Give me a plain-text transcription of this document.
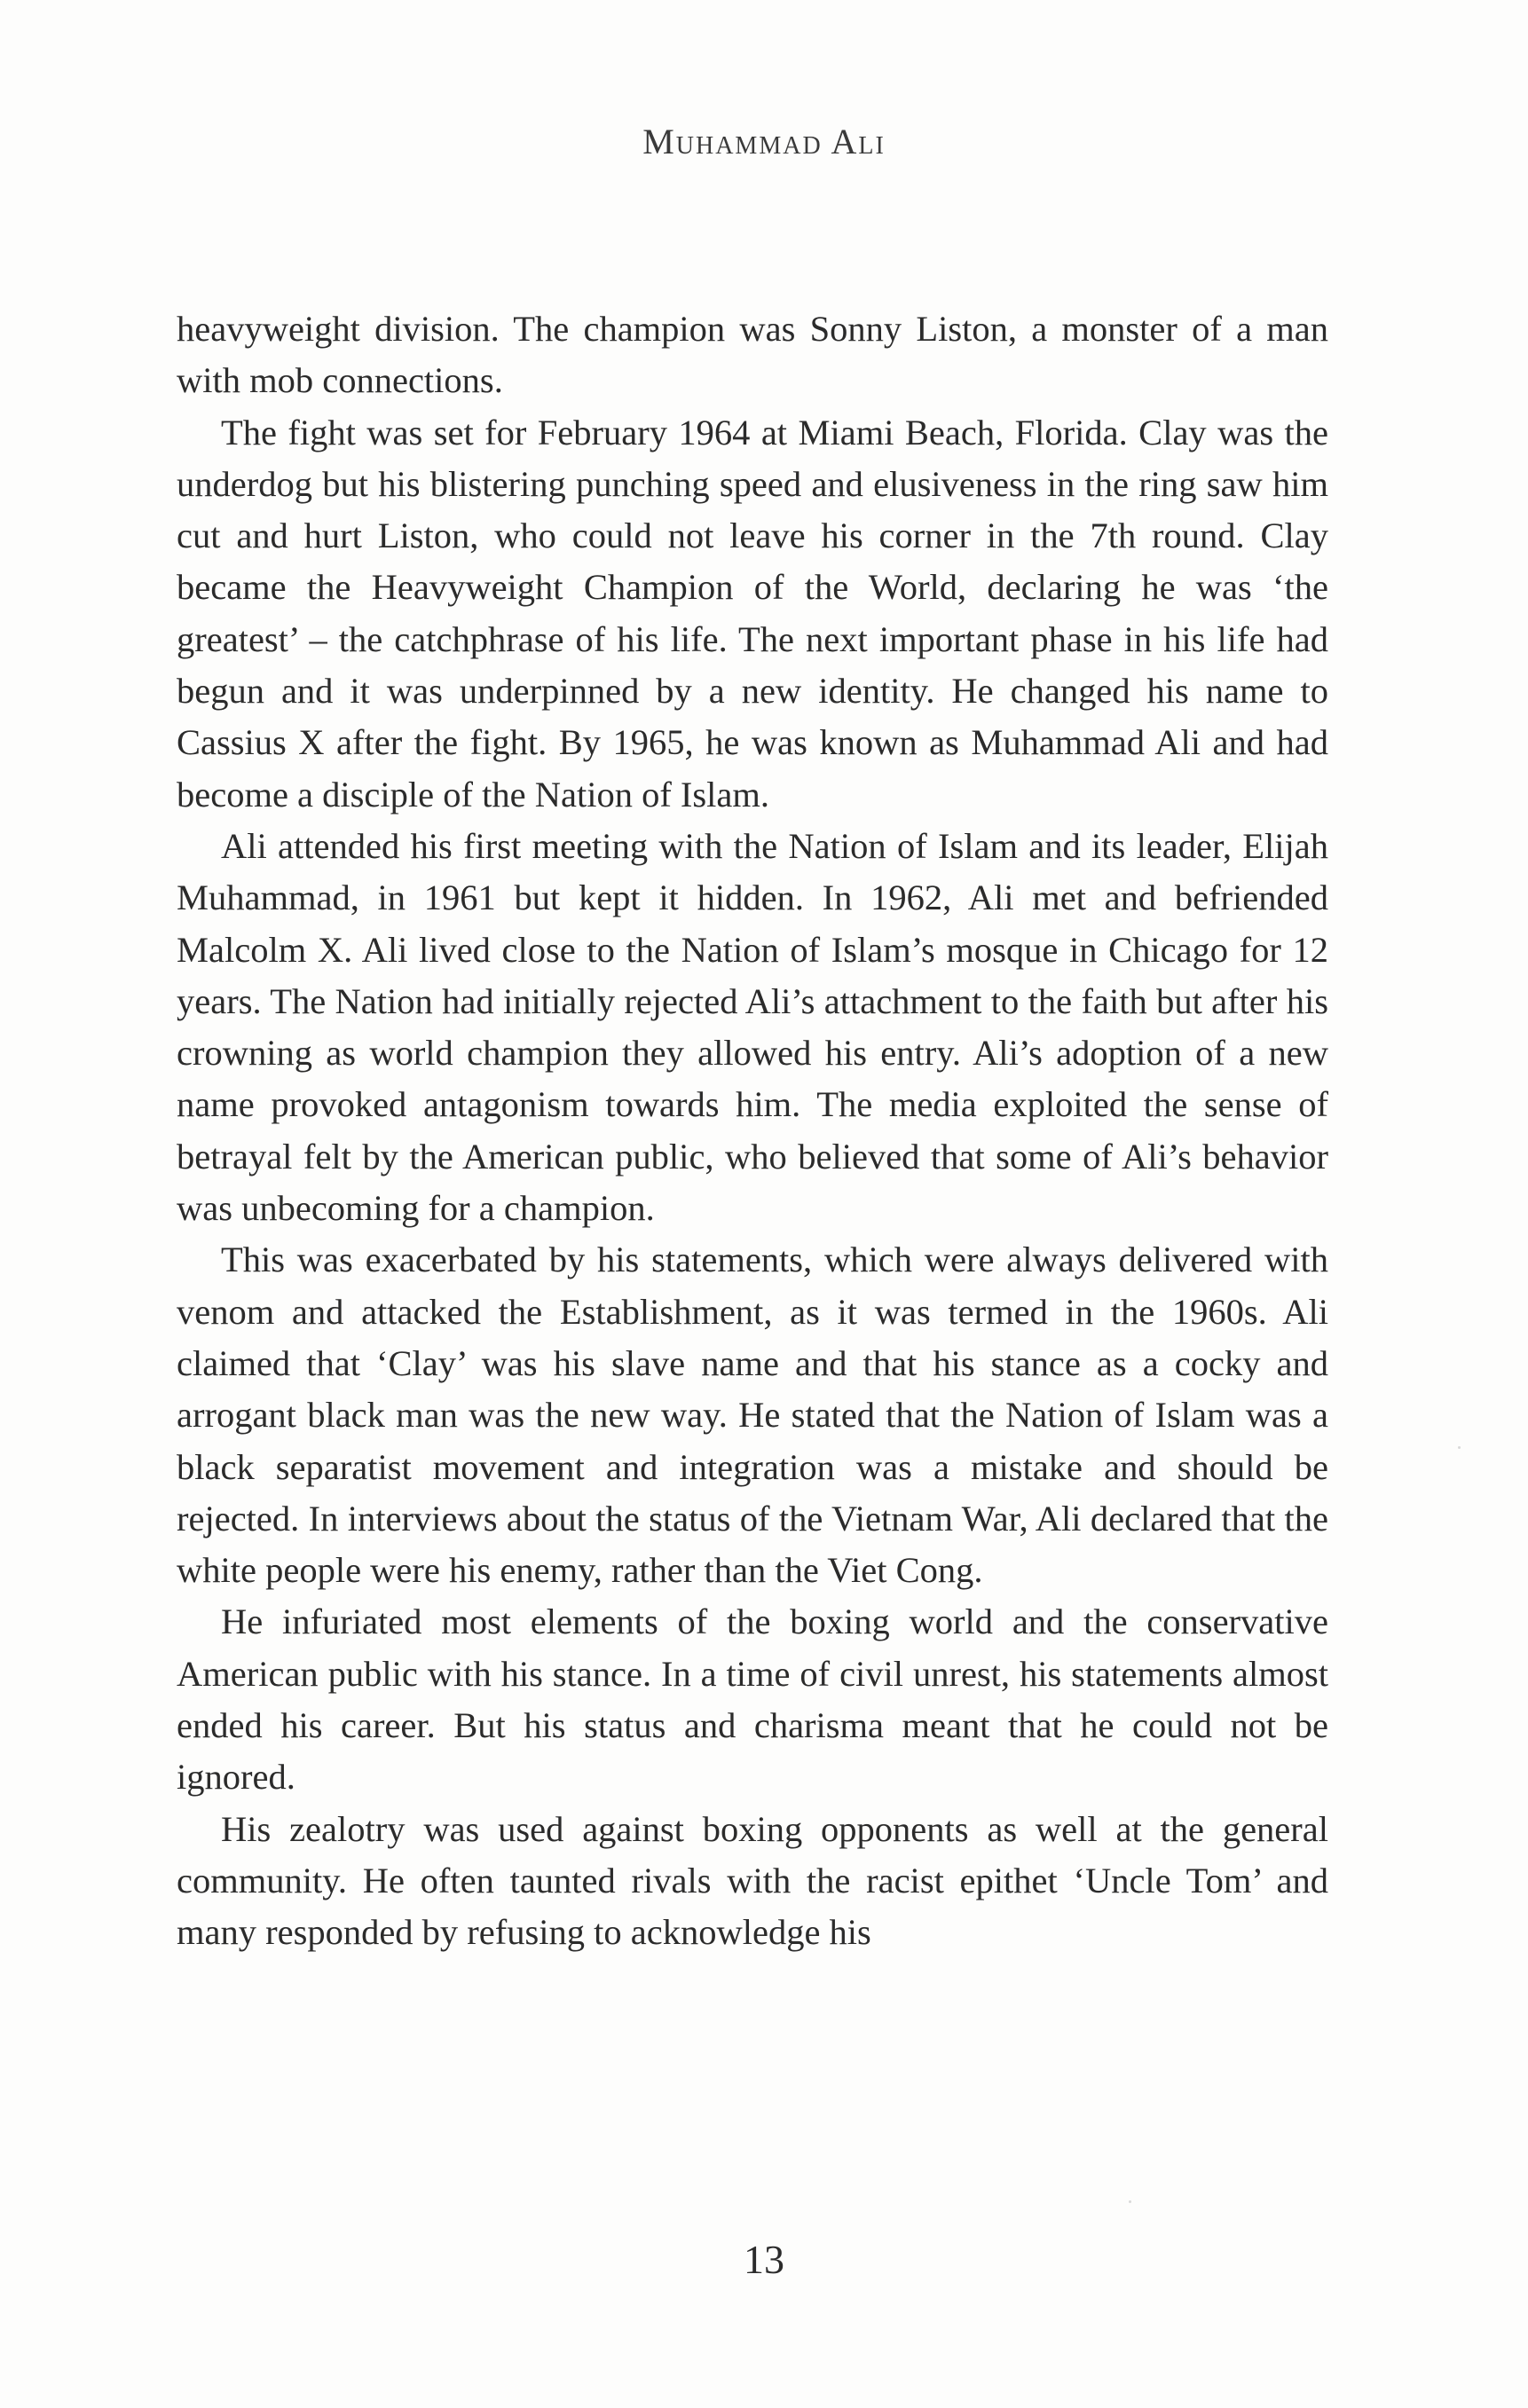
Muhammad Ali

heavyweight division. The champion was Sonny Liston, a monster of a man with mob connections.

The fight was set for February 1964 at Miami Beach, Florida. Clay was the underdog but his blistering punching speed and elusiveness in the ring saw him cut and hurt Liston, who could not leave his corner in the 7th round. Clay became the Heavyweight Champion of the World, declaring he was ‘the greatest’ – the catchphrase of his life. The next important phase in his life had begun and it was underpinned by a new identity. He changed his name to Cassius X after the fight. By 1965, he was known as Muhammad Ali and had become a disciple of the Nation of Islam.

Ali attended his first meeting with the Nation of Islam and its leader, Elijah Muhammad, in 1961 but kept it hidden. In 1962, Ali met and befriended Malcolm X. Ali lived close to the Nation of Islam’s mosque in Chicago for 12 years. The Nation had initially rejected Ali’s attachment to the faith but after his crowning as world champion they allowed his entry. Ali’s adoption of a new name provoked antagonism towards him. The media exploited the sense of betrayal felt by the American public, who believed that some of Ali’s behavior was unbecoming for a champion.

This was exacerbated by his statements, which were always delivered with venom and attacked the Establishment, as it was termed in the 1960s. Ali claimed that ‘Clay’ was his slave name and that his stance as a cocky and arrogant black man was the new way. He stated that the Nation of Islam was a black separatist movement and integration was a mistake and should be rejected. In interviews about the status of the Vietnam War, Ali declared that the white people were his enemy, rather than the Viet Cong.

He infuriated most elements of the boxing world and the conservative American public with his stance. In a time of civil unrest, his statements almost ended his career. But his status and charisma meant that he could not be ignored.

His zealotry was used against boxing opponents as well at the general community. He often taunted rivals with the racist epithet ‘Uncle Tom’ and many responded by refusing to acknowledge his

13
